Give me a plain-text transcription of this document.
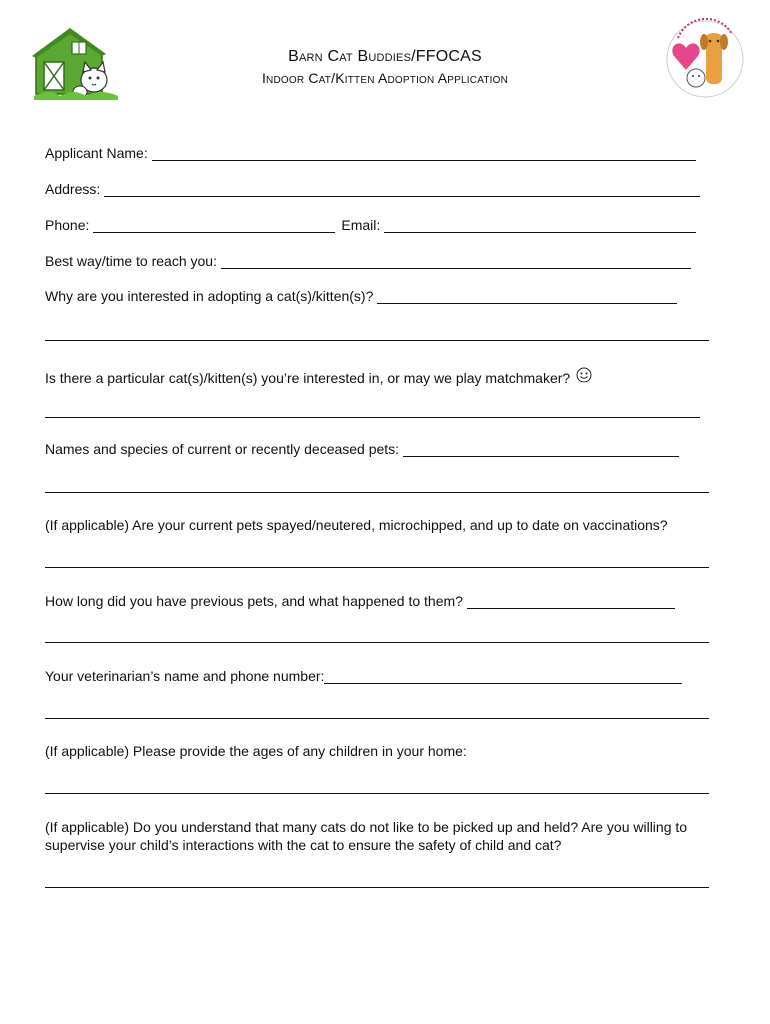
Barn Cat Buddies/FFOCAS
Indoor Cat/Kitten Adoption Application
Applicant Name:
Address:
Phone:	Email:
Best way/time to reach you:
Why are you interested in adopting a cat(s)/kitten(s)?
Is there a particular cat(s)/kitten(s) you’re interested in, or may we play matchmaker?
Names and species of current or recently deceased pets:
(If applicable) Are your current pets spayed/neutered, microchipped, and up to date on vaccinations?
How long did you have previous pets, and what happened to them?
Your veterinarian’s name and phone number:
(If applicable) Please provide the ages of any children in your home:
(If applicable) Do you understand that many cats do not like to be picked up and held? Are you willing to supervise your child’s interactions with the cat to ensure the safety of child and cat?
